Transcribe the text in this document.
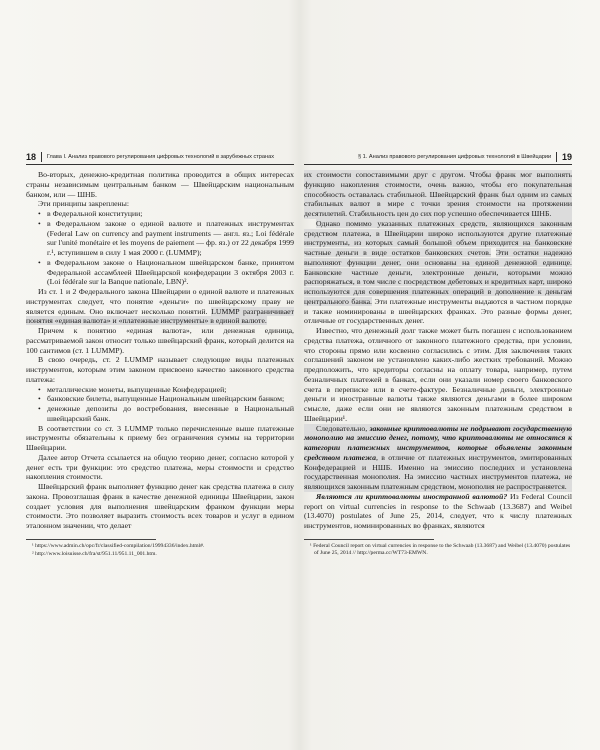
18 Глава I. Анализ правового регулирования цифровых технологий в зарубежных странах

Во-вторых, денежно-кредитная политика проводится в общих интересах страны независимым центральным банком — Швейцарским национальным банком, или — ШНБ.

Эти принципы закреплены:

• в Федеральной конституции;
• в Федеральном законе о единой валюте и платежных инструментах (Federal Law on currency and payment instruments — англ. яз.; Loi fédérale sur l'unité monétaire et les moyens de paiement — фр. яз.) от 22 декабря 1999 г.¹, вступившем в силу 1 мая 2000 г. (LUMMP);
• в Федеральном законе о Национальном швейцарском банке, принятом Федеральной ассамблеей Швейцарской конфедерации 3 октября 2003 г. (Loi fédérale sur la Banque nationale, LBN)².

Из ст. 1 и 2 Федерального закона Швейцарии о единой валюте и платежных инструментах следует, что понятие «деньги» по швейцарскому праву не является единым. Оно включает несколько понятий. LUMMP разграничивает понятия «единая валюта» и «платежные инструменты» в единой валюте.

Причем к понятию «единая валюта», или денежная единица, рассматриваемой закон относит только швейцарский франк, который делится на 100 сантимов (ст. 1 LUMMP).

В свою очередь, ст. 2 LUMMP называет следующие виды платежных инструментов, которым этим законом присвоено качество законного средства платежа:

• металлические монеты, выпущенные Конфедерацией;
• банковские билеты, выпущенные Национальным швейцарским банком;
• денежные депозиты до востребования, внесенные в Национальный швейцарский банк.

В соответствии со ст. 3 LUMMP только перечисленные выше платежные инструменты обязательны к приему без ограничения суммы на территории Швейцарии.

Далее автор Отчета ссылается на общую теорию денег, согласно которой у денег есть три функции: это средство платежа, меры стоимости и средство накопления стоимости.

Швейцарский франк выполняет функцию денег как средства платежа в силу закона. Провозглашая франк в качестве денежной единицы Швейцарии, закон создает условия для выполнения швейцарским франком функции меры стоимости. Это позволяет выразить стоимость всех товаров и услуг в едином эталонном значении, что делает

¹ https://www.admin.ch/opc/fr/classified-compilation/19994336/index.html#.

² http://www.loisuisse.ch/fra/st/951.11/951.11_001.htm.

§ 1. Анализ правового регулирования цифровых технологий в Швейцарии 19

их стоимости сопоставимыми друг с другом. Чтобы франк мог выполнять функцию накопления стоимости, очень важно, чтобы его покупательная способность оставалась стабильной. Швейцарский франк был одним из самых стабильных валют в мире с точки зрения стоимости на протяжении десятилетий. Стабильность цен до сих пор успешно обеспечивается ШНБ.

Однако помимо указанных платежных средств, являющихся законным средством платежа, в Швейцарии широко используются другие платежные инструменты, из которых самый большой объем приходится на банковские частные деньги в виде остатков банковских счетов. Эти остатки надежно выполняют функции денег, они основаны на единой денежной единице. Банковские частные деньги, электронные деньги, которыми можно распоряжаться, в том числе с посредством дебетовых и кредитных карт, широко используются для совершения платежных операций в дополнение к деньгам центрального банка. Эти платежные инструменты выдаются в частном порядке и также номинированы в швейцарских франках. Это разные формы денег, отличные от государственных денег.

Известно, что денежный долг также может быть погашен с использованием средства платежа, отличного от законного платежного средства, при условии, что стороны прямо или косвенно согласились с этим. Для заключения таких соглашений законом не установлено каких-либо жестких требований. Можно предположить, что кредиторы согласны на оплату товара, например, путем безналичных платежей в банках, если они указали номер своего банковского счета в переписке или в счете-фактуре. Безналичные деньги, электронные деньги и иностранные валюты также являются деньгами в более широком смысле, даже если они не являются законным платежным средством в Швейцарии¹.

Следовательно, законные криптовалюты не подрывают государственную монополию на эмиссию денег, потому, что криптовалюты не относятся к категории платежных инструментов, которые объявлены законным средством платежа, в отличие от платежных инструментов, эмитированных Конфедерацией и НШБ. Именно на эмиссию последних и установлена государственная монополия. На эмиссию частных инструментов платежа, не являющихся законным платежным средством, монополия не распространяется.

Являются ли криптовалюты иностранной валютой? Из Federal Council report on virtual currencies in response to the Schwaab (13.3687) and Weibel (13.4070) postulates of June 25, 2014, следует, что к числу платежных инструментов, номинированных во франках, являются

¹ Federal Council report on virtual currencies in response to the Schwaab (13.3687) and Weibel (13.4070) postulates of June 25, 2014 // http://perma.cc/WT73-EMWN.
